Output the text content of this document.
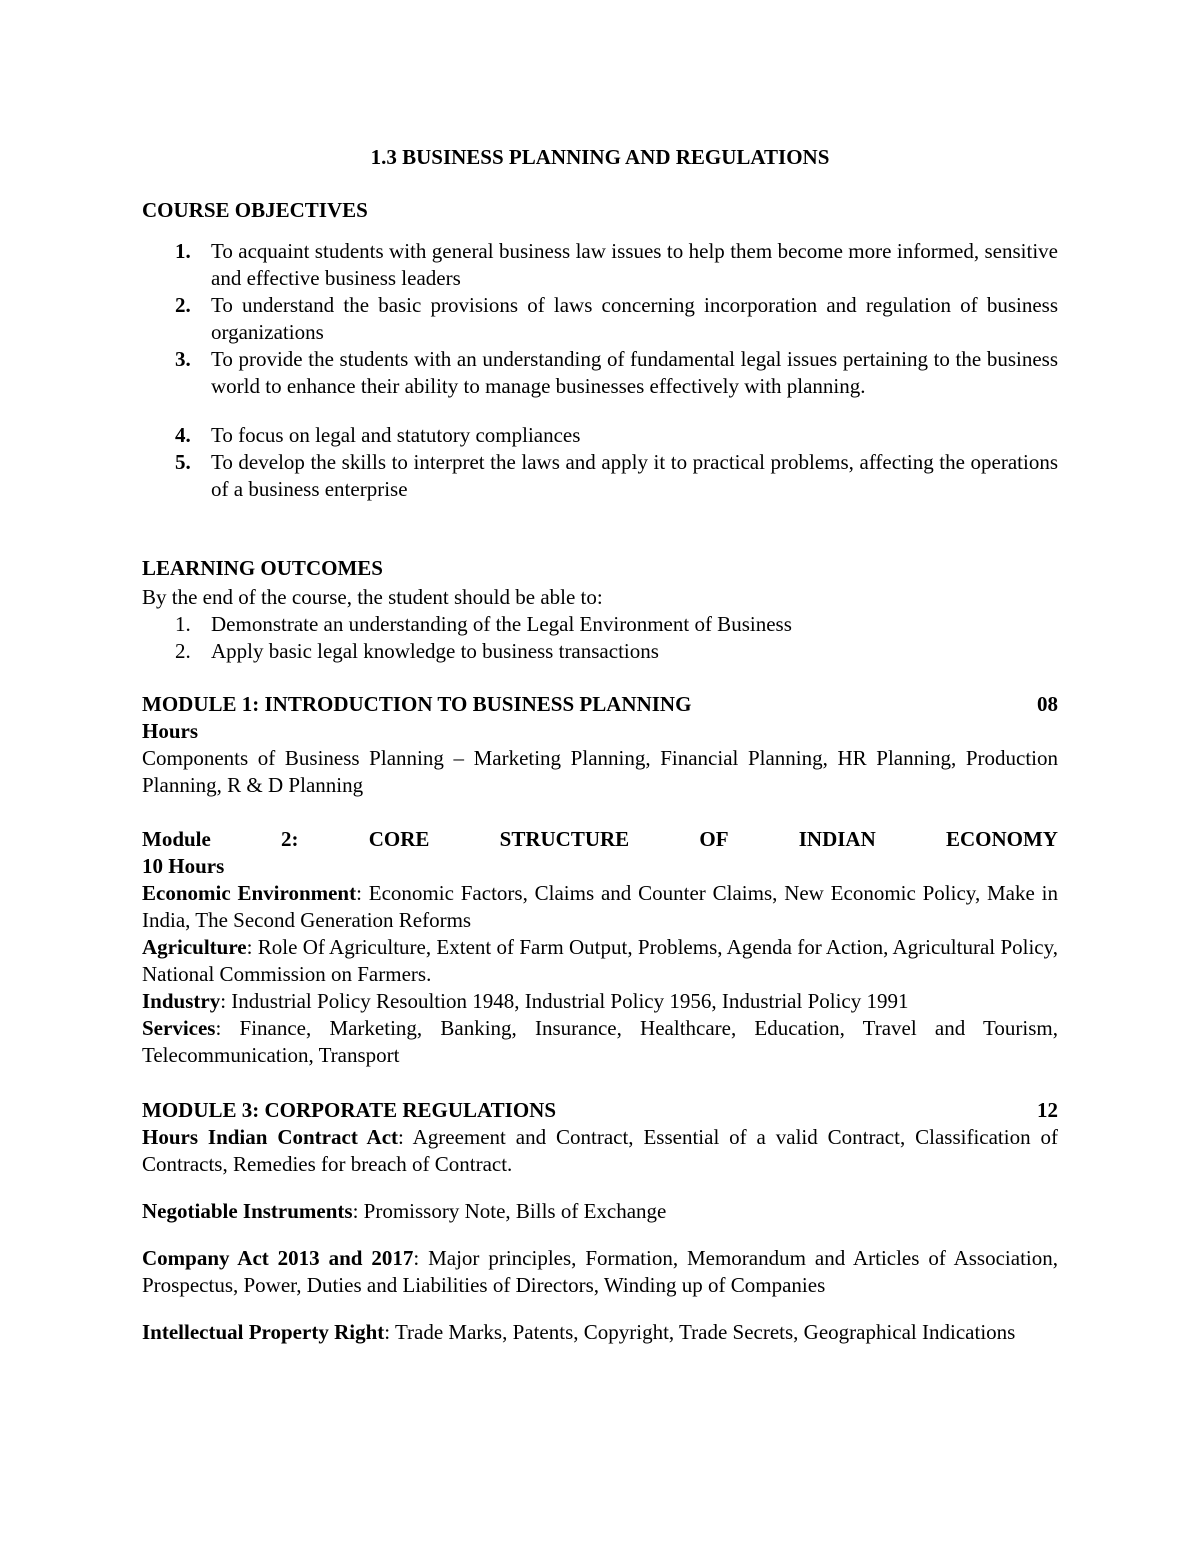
1.3 BUSINESS PLANNING AND REGULATIONS
COURSE OBJECTIVES
1. To acquaint students with general business law issues to help them become more informed, sensitive and effective business leaders
2. To understand the basic provisions of laws concerning incorporation and regulation of business organizations
3. To provide the students with an understanding of fundamental legal issues pertaining to the business world to enhance their ability to manage businesses effectively with planning.
4. To focus on legal and statutory compliances
5. To develop the skills to interpret the laws and apply it to practical problems, affecting the operations of a business enterprise
LEARNING OUTCOMES
By the end of the course, the student should be able to:
1. Demonstrate an understanding of the Legal Environment of Business
2. Apply basic legal knowledge to business transactions
MODULE 1: INTRODUCTION TO BUSINESS PLANNING	08
Hours
Components of Business Planning – Marketing Planning, Financial Planning, HR Planning, Production Planning, R & D Planning
Module	2:	CORE	STRUCTURE	OF	INDIAN	ECONOMY
10 Hours
Economic Environment: Economic Factors, Claims and Counter Claims, New Economic Policy, Make in India, The Second Generation Reforms
Agriculture: Role Of Agriculture, Extent of Farm Output, Problems, Agenda for Action, Agricultural Policy, National Commission on Farmers.
Industry: Industrial Policy Resoultion 1948, Industrial Policy 1956, Industrial Policy 1991
Services: Finance, Marketing, Banking, Insurance, Healthcare, Education, Travel and Tourism, Telecommunication, Transport
MODULE 3: CORPORATE REGULATIONS	12
Hours Indian Contract Act: Agreement and Contract, Essential of a valid Contract, Classification of Contracts, Remedies for breach of Contract.
Negotiable Instruments: Promissory Note, Bills of Exchange
Company Act 2013 and 2017: Major principles, Formation, Memorandum and Articles of Association, Prospectus, Power, Duties and Liabilities of Directors, Winding up of Companies
Intellectual Property Right: Trade Marks, Patents, Copyright, Trade Secrets, Geographical Indications
